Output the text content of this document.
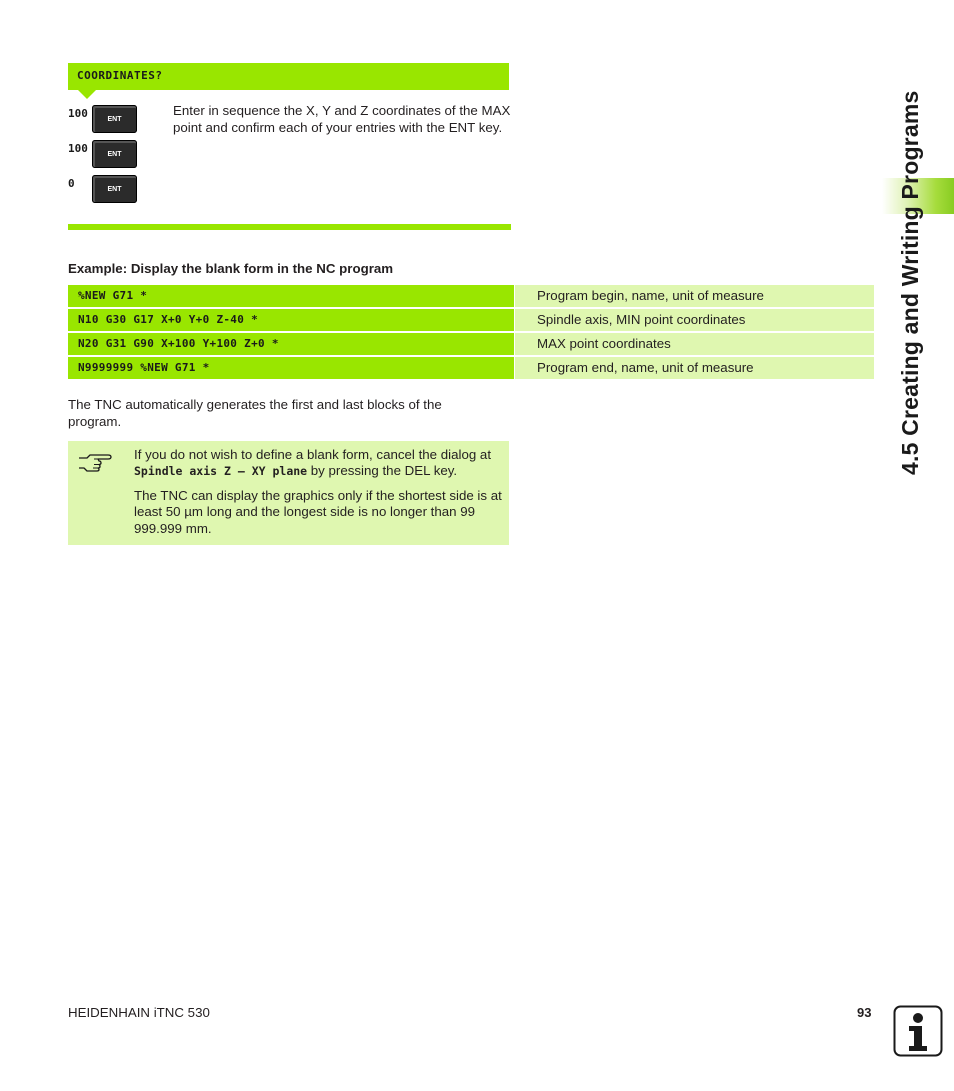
COORDINATES?
100	ENT
100	ENT
0	ENT
Enter in sequence the X, Y and Z coordinates of the MAX point and confirm each of your entries with the ENT key.
Example: Display the blank form in the NC program
%NEW G71 *	Program begin, name, unit of measure
N10 G30 G17 X+0 Y+0 Z-40 *	Spindle axis, MIN point coordinates
N20 G31 G90 X+100 Y+100 Z+0 *	MAX point coordinates
N9999999 %NEW G71 *	Program end, name, unit of measure
The TNC automatically generates the first and last blocks of the program.
If you do not wish to define a blank form, cancel the dialog at Spindle axis Z – XY plane by pressing the DEL key.
The TNC can display the graphics only if the shortest side is at least 50 µm long and the longest side is no longer than 99 999.999 mm.
4.5 Creating and Writing Programs
HEIDENHAIN iTNC 530	93
